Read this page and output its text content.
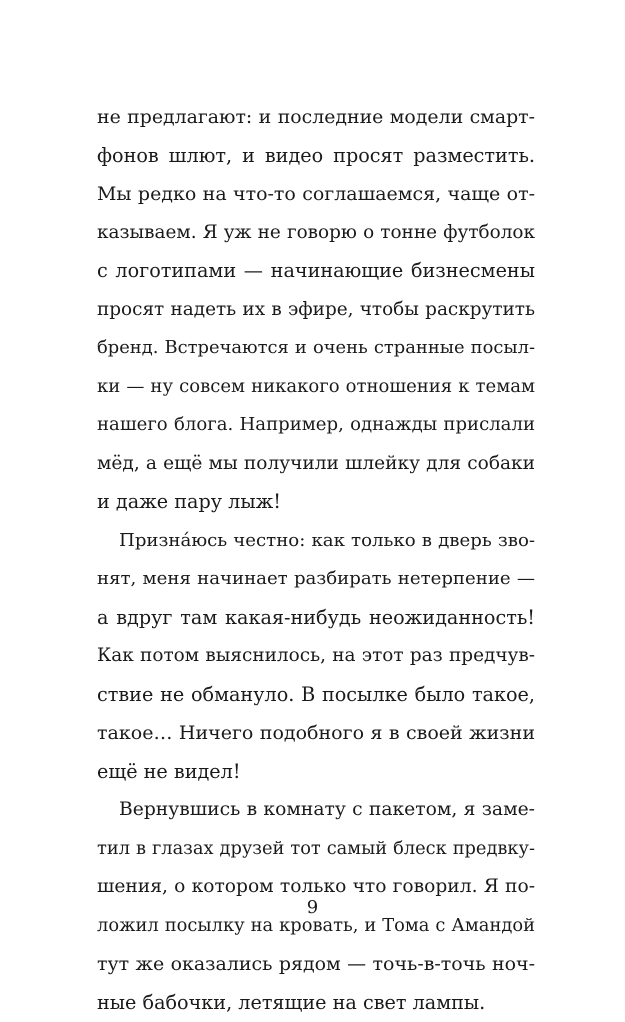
не предлагают: и последние модели смарт-
фонов шлют, и видео просят разместить.
Мы редко на что-то соглашаемся, чаще от-
казываем. Я уж не говорю о тонне футболок
с логотипами — начинающие бизнесмены
просят надеть их в эфире, чтобы раскрутить
бренд. Встречаются и очень странные посыл-
ки — ну совсем никакого отношения к темам
нашего блога. Например, однажды прислали
мёд, а ещё мы получили шлейку для собаки
и даже пару лыж!
Признáюсь честно: как только в дверь зво-
нят, меня начинает разбирать нетерпение —
а вдруг там какая-нибудь неожиданность!
Как потом выяснилось, на этот раз предчув-
ствие не обмануло. В посылке было такое,
такое… Ничего подобного я в своей жизни
ещё не видел!
Вернувшись в комнату с пакетом, я заме-
тил в глазах друзей тот самый блеск предвку-
шения, о котором только что говорил. Я по-
ложил посылку на кровать, и Тома с Амандой
тут же оказались рядом — точь-в-точь ноч-
ные бабочки, летящие на свет лампы.
9
